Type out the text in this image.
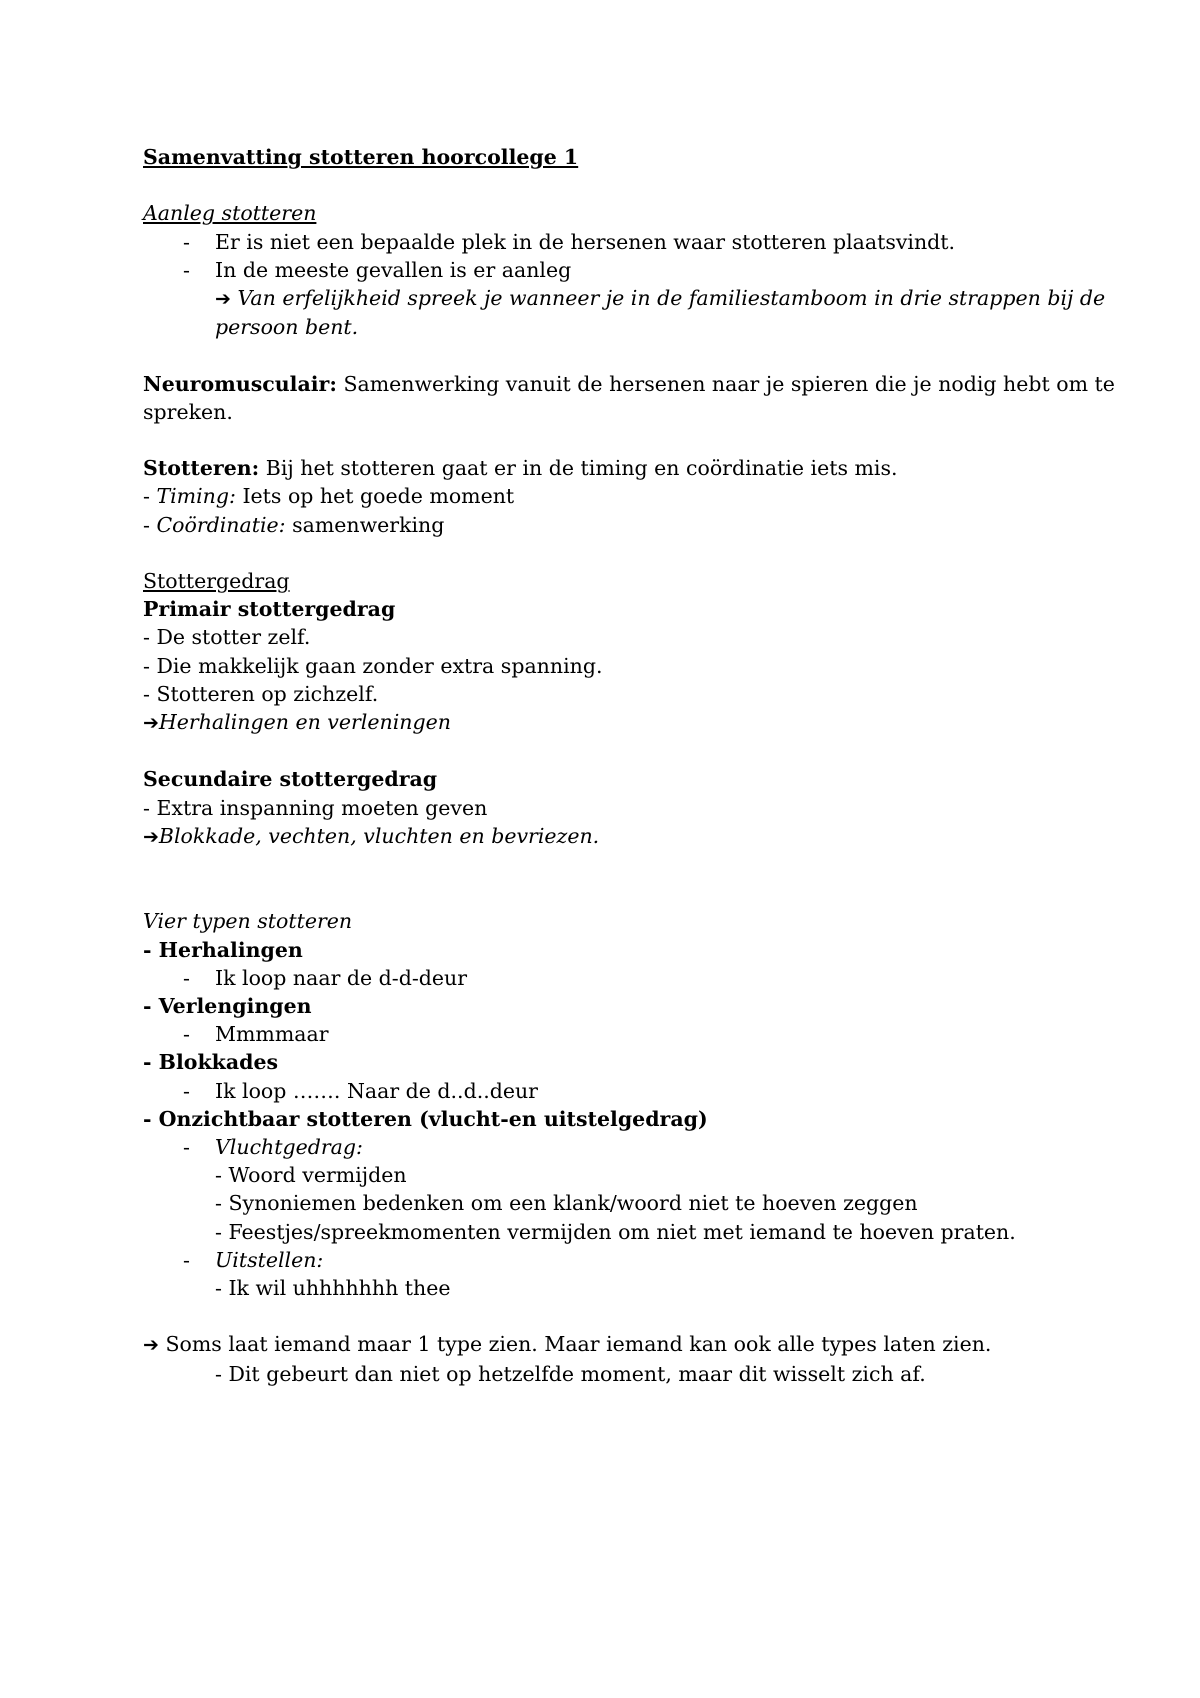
Samenvatting stotteren hoorcollege 1
Aanleg stotteren
- Er is niet een bepaalde plek in de hersenen waar stotteren plaatsvindt.
- In de meeste gevallen is er aanleg
➔ Van erfelijkheid spreek je wanneer je in de familiestamboom in drie strappen bij de
persoon bent.
Neuromusculair: Samenwerking vanuit de hersenen naar je spieren die je nodig hebt om te
spreken.
Stotteren: Bij het stotteren gaat er in de timing en coördinatie iets mis.
- Timing: Iets op het goede moment
- Coördinatie: samenwerking
Stottergedrag
Primair stottergedrag
- De stotter zelf.
- Die makkelijk gaan zonder extra spanning.
- Stotteren op zichzelf.
➔Herhalingen en verleningen
Secundaire stottergedrag
- Extra inspanning moeten geven
➔Blokkade, vechten, vluchten en bevriezen.
Vier typen stotteren
- Herhalingen
- Ik loop naar de d-d-deur
- Verlengingen
- Mmmmaar
- Blokkades
- Ik loop ……. Naar de d..d..deur
- Onzichtbaar stotteren (vlucht-en uitstelgedrag)
- Vluchtgedrag:
- Woord vermijden
- Synoniemen bedenken om een klank/woord niet te hoeven zeggen
- Feestjes/spreekmomenten vermijden om niet met iemand te hoeven praten.
- Uitstellen:
- Ik wil uhhhhhhh thee
➔ Soms laat iemand maar 1 type zien. Maar iemand kan ook alle types laten zien.
- Dit gebeurt dan niet op hetzelfde moment, maar dit wisselt zich af.
